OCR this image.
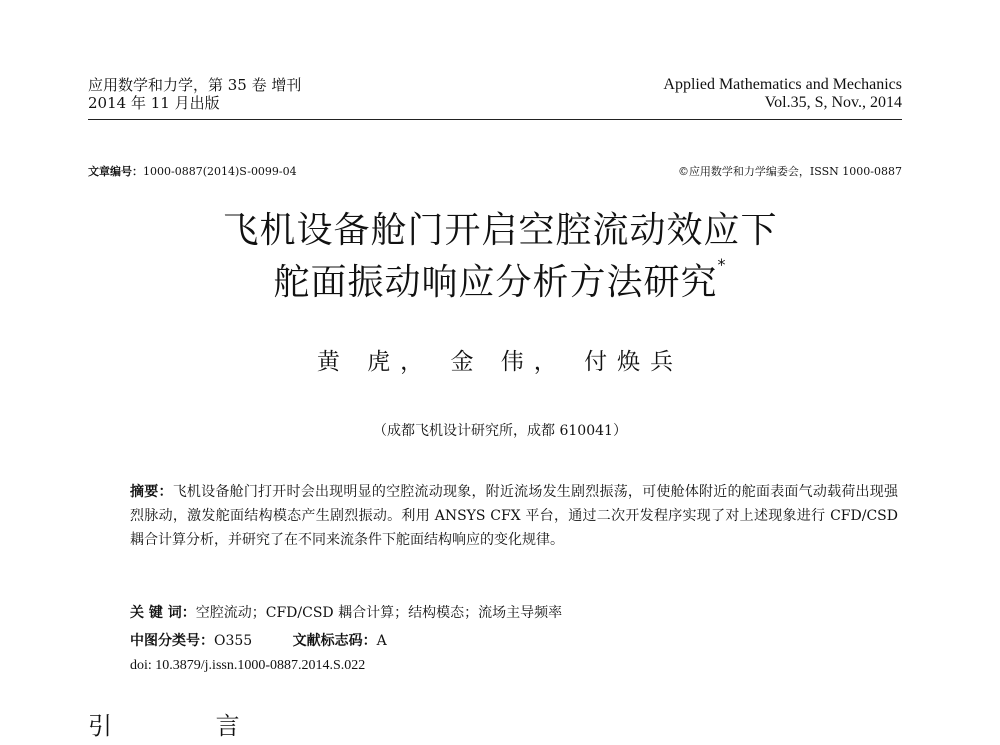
应用数学和力学，第 35 卷 增刊
2014 年 11 月出版
Applied Mathematics and Mechanics
Vol.35, S, Nov., 2014
文章编号：1000-0887(2014)S-0099-04	©应用数学和力学编委会，ISSN 1000-0887
飞机设备舱门开启空腔流动效应下
舵面振动响应分析方法研究*
黄 虎， 金 伟， 付焕兵
（成都飞机设计研究所，成都 610041）
摘要：飞机设备舱门打开时会出现明显的空腔流动现象，附近流场发生剧烈振荡，可使舱体附近的舵面表面气动载荷出现强烈脉动，激发舵面结构模态产生剧烈振动。利用 ANSYS CFX 平台，通过二次开发程序实现了对上述现象进行 CFD/CSD 耦合计算分析，并研究了在不同来流条件下舵面结构响应的变化规律。
关 键 词：空腔流动；CFD/CSD 耦合计算；结构模态；流场主导频率
中图分类号：O355	文献标志码：A
doi: 10.3879/j.issn.1000-0887.2014.S.022
引 言
